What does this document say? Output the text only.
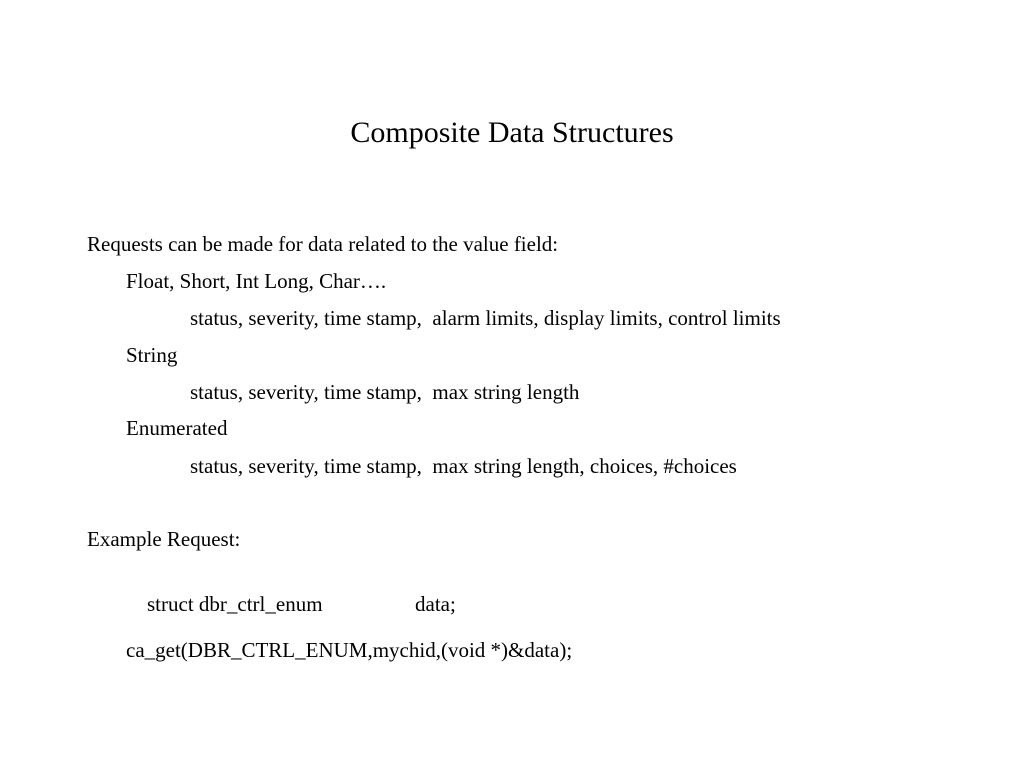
Composite Data Structures
Requests can be made for data related to the value field:
Float, Short, Int Long, Char….
status, severity, time stamp,  alarm limits, display limits, control limits
String
status, severity, time stamp,  max string length
Enumerated
status, severity, time stamp,  max string length, choices, #choices
Example Request:

struct dbr_ctrl_enum	data;

ca_get(DBR_CTRL_ENUM,mychid,(void *)&data);
